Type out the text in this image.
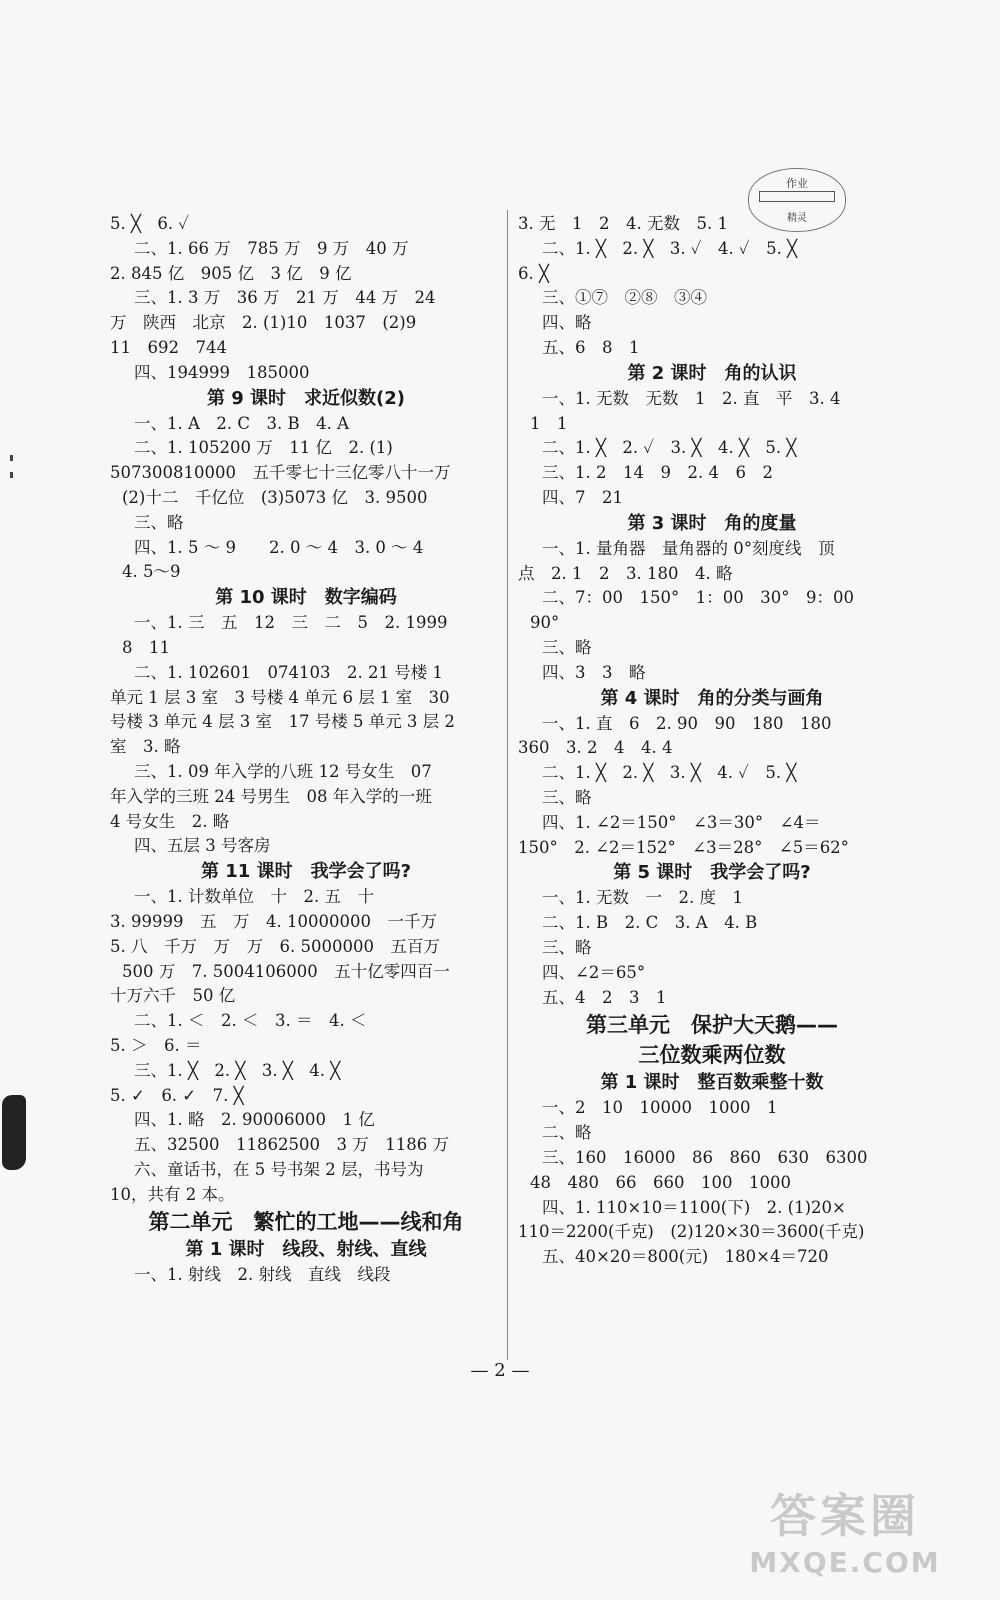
作业

精灵
5. ╳　6. ✓
二、1. 66 万　785 万　9 万　40 万
2. 845 亿　905 亿　3 亿　9 亿
三、1. 3 万　36 万　21 万　44 万　24
万　陕西　北京　2. (1)10　1037　(2)9
11　692　744
四、194999　185000
第 9 课时　求近似数(2)
一、1. A　2. C　3. B　4. A
二、1. 105200 万　11 亿　2. (1)
507300810000　五千零七十三亿零八十一万
(2)十二　千亿位　(3)5073 亿　3. 9500
三、略
四、1. 5 ～ 9　　2. 0 ～ 4　3. 0 ～ 4
4. 5～9
第 10 课时　数字编码
一、1. 三　五　12　三　二　5　2. 1999
8　11
二、1. 102601　074103　2. 21 号楼 1
单元 1 层 3 室　3 号楼 4 单元 6 层 1 室　30
号楼 3 单元 4 层 3 室　17 号楼 5 单元 3 层 2
室　3. 略
三、1. 09 年入学的八班 12 号女生　07
年入学的三班 24 号男生　08 年入学的一班
4 号女生　2. 略
四、五层 3 号客房
第 11 课时　我学会了吗?
一、1. 计数单位　十　2. 五　十
3. 99999　五　万　4. 10000000　一千万
5. 八　千万　万　万　6. 5000000　五百万
500 万　7. 5004106000　五十亿零四百一
十万六千　50 亿
二、1. ＜　2. ＜　3. ＝　4. ＜
5. ＞　6. ＝
三、1. ╳　2. ╳　3. ╳　4. ╳
5. ✓　6. ✓　7. ╳
四、1. 略　2. 90006000　1 亿
五、32500　11862500　3 万　1186 万
六、童话书，在 5 号书架 2 层，书号为
10，共有 2 本。
第二单元　繁忙的工地——线和角
第 1 课时　线段、射线、直线
一、1. 射线　2. 射线　直线　线段
3. 无　1　2　4. 无数　5. 1
二、1. ╳　2. ╳　3. ✓　4. ✓　5. ╳
6. ╳
三、①⑦　②⑧　③④
四、略
五、6　8　1
第 2 课时　角的认识
一、1. 无数　无数　1　2. 直　平　3. 4
1　1
二、1. ╳　2. ✓　3. ╳　4. ╳　5. ╳
三、1. 2　14　9　2. 4　6　2
四、7　21
第 3 课时　角的度量
一、1. 量角器　量角器的 0°刻度线　顶
点　2. 1　2　3. 180　4. 略
二、7：00　150°　1：00　30°　9：00
90°
三、略
四、3　3　略
第 4 课时　角的分类与画角
一、1. 直　6　2. 90　90　180　180
360　3. 2　4　4. 4
二、1. ╳　2. ╳　3. ╳　4. ✓　5. ╳
三、略
四、1. ∠2＝150°　∠3＝30°　∠4＝
150°　2. ∠2＝152°　∠3＝28°　∠5＝62°
第 5 课时　我学会了吗?
一、1. 无数　一　2. 度　1
二、1. B　2. C　3. A　4. B
三、略
四、∠2＝65°
五、4　2　3　1
第三单元　保护大天鹅——
三位数乘两位数
第 1 课时　整百数乘整十数
一、2　10　10000　1000　1
二、略
三、160　16000　86　860　630　6300
48　480　66　660　100　1000
四、1. 110×10＝1100(下)　2. (1)20×
110＝2200(千克)　(2)120×30＝3600(千克)
五、40×20＝800(元)　180×4＝720
— 2 —
答案圈
MXQE.COM
